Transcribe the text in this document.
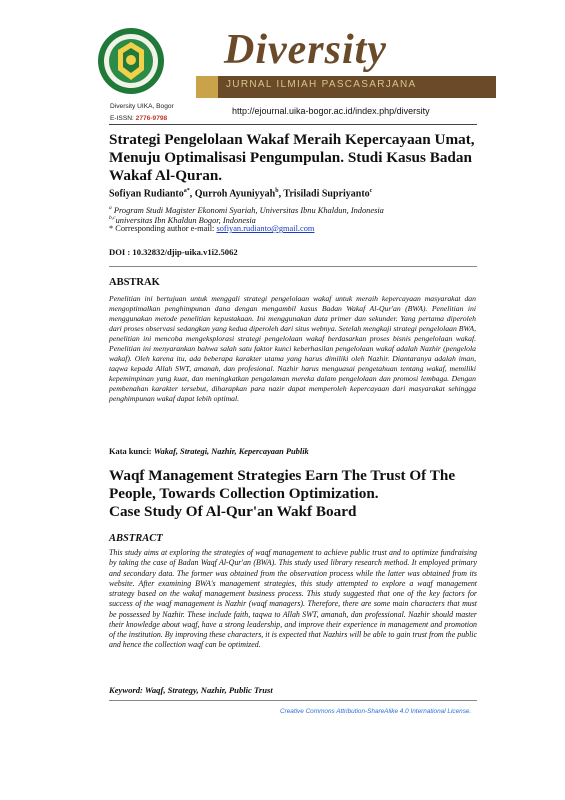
Diversity
JURNAL ILMIAH PASCASARJANA
Diversity UIKA, Bogor
E-ISSN: 2776-9798
http://ejournal.uika-bogor.ac.id/index.php/diversity
Strategi Pengelolaan Wakaf Meraih Kepercayaan Umat, Menuju Optimalisasi Pengumpulan. Studi Kasus Badan Wakaf Al-Quran.
Sofiyan Rudianto$^{a*}$, Qurroh Ayuniyyah$^b$, Trisiladi Supriyanto$^c$
$^a$ Program Studi Magister Ekonomi Syariah, Universitas Ibnu Khaldun, Indonesia
$^{b,c}$universitas Ibn Khaldun Bogor, Indonesia
* Corresponding author e-mail: sofiyan.rudianto@gmail.com
DOI : 10.32832/djip-uika.v1i2.5062
ABSTRAK
Penelitian ini bertujuan untuk menggali strategi pengelolaan wakaf untuk meraih kepercayaan masyarakat dan mengoptimalkan penghimpunan dana dengan mengambil kasus Badan Wakaf Al-Qur'an (BWA). Penelitian ini menggunakan metode penelitian kepustakaan. Ini menggunakan data primer dan sekunder. Yang pertama diperoleh dari proses observasi sedangkan yang kedua diperoleh dari situs webnya. Setelah mengkaji strategi pengelolaan BWA, penelitian ini mencoba mengeksplorasi strategi pengelolaan wakaf berdasarkan proses bisnis pengelolaan wakaf. Penelitian ini menyarankan bahwa salah satu faktor kunci keberhasilan pengelolaan wakaf adalah Nazhir (pengelola wakaf). Oleh karena itu, ada beberapa karakter utama yang harus dimiliki oleh Nazhir. Diantaranya adalah iman, taqwa kepada Allah SWT, amanah, dan profesional. Nazhir harus menguasai pengetahuan tentang wakaf, memiliki kepemimpinan yang kuat, dan meningkatkan pengalaman mereka dalam pengelolaan dan promosi lembaga. Dengan pembenahan karakter tersebut, diharapkan para nazir dapat memperoleh kepercayaan dari masyarakat sehingga penghimpunan wakaf dapat lebih optimal.
Kata kunci: Wakaf, Strategi, Nazhir, Kepercayaan Publik
Waqf Management Strategies Earn The Trust Of The
People, Towards Collection Optimization.
Case Study Of Al-Qur'an Wakf Board
ABSTRACT
This study aims at exploring the strategies of waqf management to achieve public trust and to optimize fundraising by taking the case of Badan Waqf Al-Qur'an (BWA). This study used library research method. It employed primary and secondary data. The former was obtained from the observation process while the latter was obtained from its website. After examining BWA's management strategies, this study attempted to explore a waqf management strategy based on the wakaf management business process. This study suggested that one of the key factors for success of the waqf management is Nazhir (waqf managers). Therefore, there are some main characters that must be possessed by Nazhir. These include faith, taqwa to Allah SWT, amanah, dan professional. Nazhir should master their knowledge about waqf, have a strong leadership, and improve their experience in management and promotion of the institution. By improving these characters, it is expected that Nazhirs will be able to gain trust from the public and hence the collection waqf can be optimized.
Keyword: Waqf, Strategy, Nazhir, Public Trust
Creative Commons Attribution-ShareAlike 4.0 International License.
